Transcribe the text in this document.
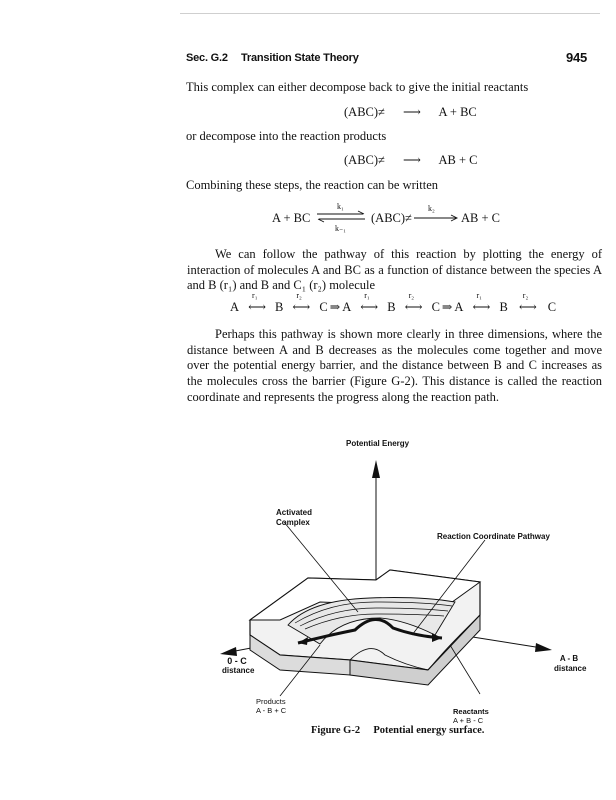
Sec. G.2 Transition State Theory	945
This complex can either decompose back to give the initial reactants
(ABC)≠ ⟶ A + BC
or decompose into the reaction products
(ABC)≠ ⟶ AB + C
Combining these steps, the reaction can be written
A + BC ⇌
k₁
k₋₁
(ABC)≠
k₂
AB + C
We can follow the pathway of this reaction by plotting the energy of interaction of molecules A and BC as a function of distance between the species A and B (r₁) and B and C₁ (r₂) molecule
A
r₁
⟷ B
r₂
⟷ C ⇒ A
r₁
⟷ B
r₂
⟷ C ⇒ A
r₁
⟷ B
r₂
⟷ C
Perhaps this pathway is shown more clearly in three dimensions, where the distance between A and B decreases as the molecules come together and move over the potential energy barrier, and the distance between B and C increases as the molecules cross the barrier (Figure G-2). This distance is called the reaction coordinate and represents the progress along the reaction path.
Potential Energy
Activated Complex
Reaction Coordinate Pathway
0 - C
distance
A - B
distance
Products
A - B + C	Reactants
A + B - C
Figure G-2 Potential energy surface.
